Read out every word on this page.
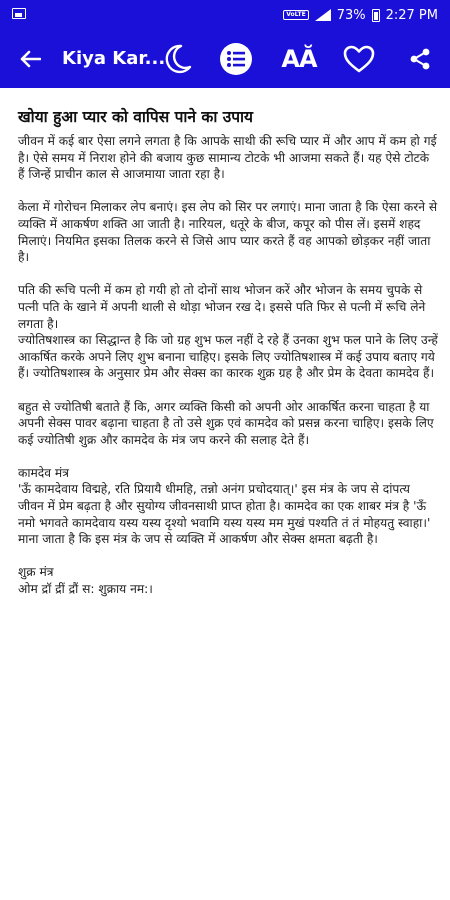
VoLTE 73% 2:27 PM
Kiya Kar...	AĂ
खोया हुआ प्यार को वापिस पाने का उपाय

जीवन में कई बार ऐसा लगने लगता है कि आपके साथी की रूचि प्यार में और आप में कम हो गई है। ऐसे समय में निराश होने की बजाय कुछ सामान्य टोटके भी आजमा सकते हैं। यह ऐसे टोटके हैं जिन्हें प्राचीन काल से आजमाया जाता रहा है।

केला में गोरोचन मिलाकर लेप बनाएं। इस लेप को सिर पर लगाएं। माना जाता है कि ऐसा करने से व्यक्ति में आकर्षण शक्ति आ जाती है। नारियल, धतूरे के बीज, कपूर को पीस लें। इसमें शहद मिलाएं। नियमित इसका तिलक करने से जिसे आप प्यार करते हैं वह आपको छोड़कर नहीं जाता है।

पति की रूचि पत्नी में कम हो गयी हो तो दोनों साथ भोजन करें और भोजन के समय चुपके से पत्नी पति के खाने में अपनी थाली से थोड़ा भोजन रख दे। इससे पति फिर से पत्नी में रूचि लेने लगता है।

ज्योतिषशास्त्र का सिद्धान्त है कि जो ग्रह शुभ फल नहीं दे रहे हैं उनका शुभ फल पाने के लिए उन्हें आकर्षित करके अपने लिए शुभ बनाना चाहिए। इसके लिए ज्योतिषशास्त्र में कई उपाय बताए गये हैं। ज्योतिषशास्त्र के अनुसार प्रेम और सेक्स का कारक शुक्र ग्रह है और प्रेम के देवता कामदेव हैं।

बहुत से ज्योतिषी बताते हैं कि, अगर व्यक्ति किसी को अपनी ओर आकर्षित करना चाहता है या अपनी सेक्स पावर बढ़ाना चाहता है तो उसे शुक्र एवं कामदेव को प्रसन्न करना चाहिए। इसके लिए कई ज्योतिषी शुक्र और कामदेव के मंत्र जप करने की सलाह देते हैं।

कामदेव मंत्र

'ऊँ कामदेवाय विद्महे, रति प्रियायै धीमहि, तन्नो अनंग प्रचोदयात्।' इस मंत्र के जप से दांपत्य जीवन में प्रेम बढ़ता है और सुयोग्य जीवनसाथी प्राप्त होता है। कामदेव का एक शाबर मंत्र है 'ऊँ नमो भगवते कामदेवाय यस्य यस्य दृश्यो भवामि यस्य यस्य मम मुखं पश्यति तं तं मोहयतु स्वाहा।' माना जाता है कि इस मंत्र के जप से व्यक्ति में आकर्षण और सेक्स क्षमता बढ़ती है।

शुक्र मंत्र

ओम द्रॉ द्रीं द्रौं स: शुक्राय नम:।
